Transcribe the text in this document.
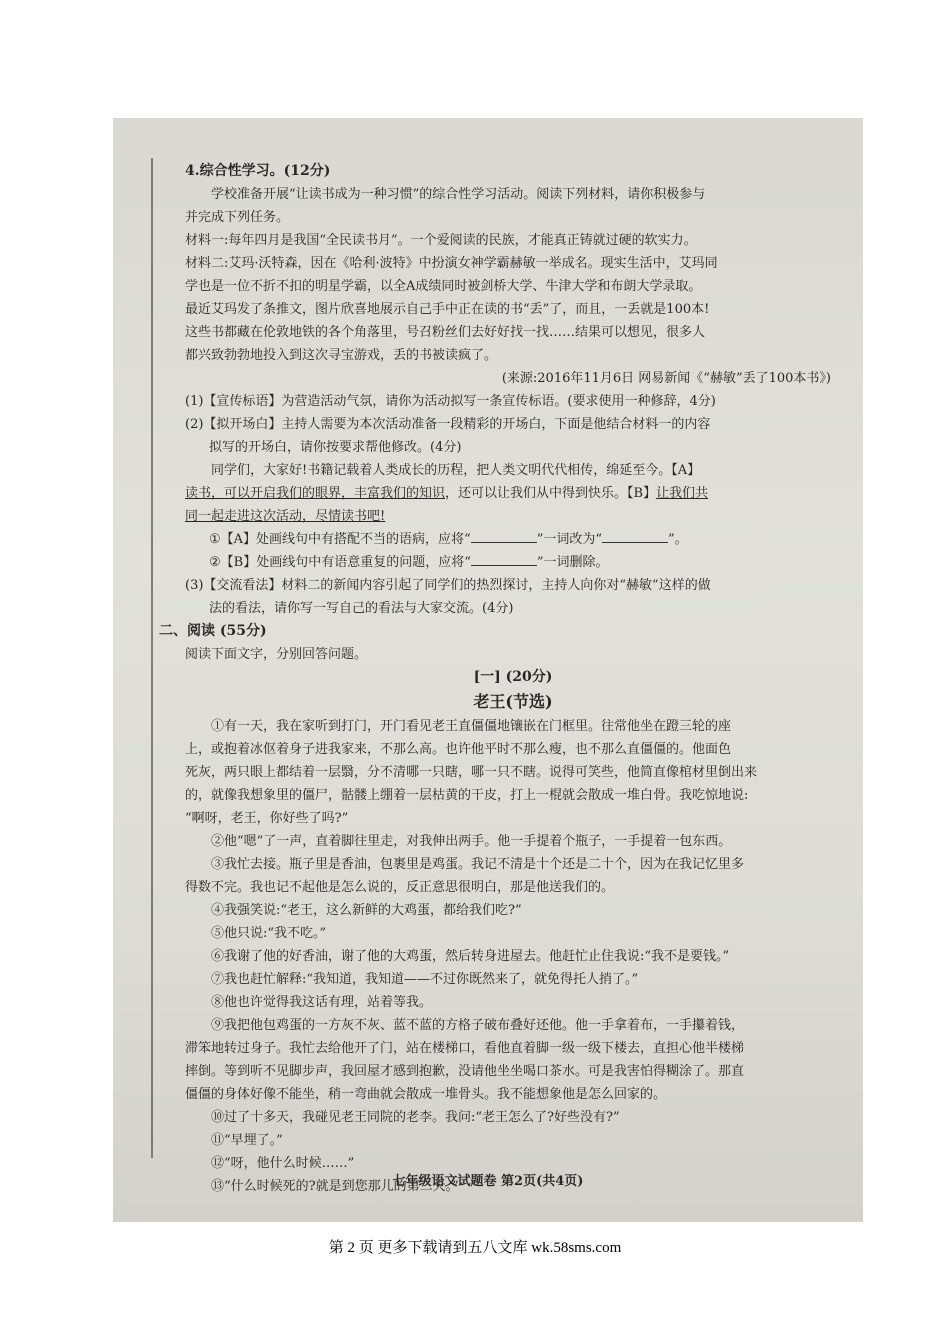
4.综合性学习。(12分)
学校准备开展“让读书成为一种习惯”的综合性学习活动。阅读下列材料，请你积极参与
并完成下列任务。
材料一:每年四月是我国“全民读书月”。一个爱阅读的民族，才能真正铸就过硬的软实力。
材料二:艾玛·沃特森，因在《哈利·波特》中扮演女神学霸赫敏一举成名。现实生活中，艾玛同
学也是一位不折不扣的明星学霸，以全A成绩同时被剑桥大学、牛津大学和布朗大学录取。
最近艾玛发了条推文，图片欣喜地展示自己手中正在读的书“丢”了，而且，一丢就是100本!
这些书都藏在伦敦地铁的各个角落里，号召粉丝们去好好找一找……结果可以想见，很多人
都兴致勃勃地投入到这次寻宝游戏，丢的书被读疯了。
(来源:2016年11月6日 网易新闻《“赫敏”丢了100本书》)
(1)【宣传标语】为营造活动气氛，请你为活动拟写一条宣传标语。(要求使用一种修辞，4分)
(2)【拟开场白】主持人需要为本次活动准备一段精彩的开场白，下面是他结合材料一的内容
拟写的开场白，请你按要求帮他修改。(4分)
同学们，大家好!书籍记载着人类成长的历程，把人类文明代代相传，绵延至今。【A】
读书，可以开启我们的眼界，丰富我们的知识，还可以让我们从中得到快乐。【B】让我们共
同一起走进这次活动，尽情读书吧!
①【A】处画线句中有搭配不当的语病，应将“	”一词改为“	”。
②【B】处画线句中有语意重复的问题，应将“	”一词删除。
(3)【交流看法】材料二的新闻内容引起了同学们的热烈探讨，主持人向你对“赫敏”这样的做
法的看法，请你写一写自己的看法与大家交流。(4分)
二、阅读 (55分)
阅读下面文字，分别回答问题。
[一] (20分)
老王(节选)
①有一天，我在家听到打门，开门看见老王直僵僵地镶嵌在门框里。往常他坐在蹬三轮的座
上，或抱着冰伛着身子进我家来，不那么高。也许他平时不那么瘦，也不那么直僵僵的。他面色
死灰，两只眼上都结着一层翳，分不清哪一只瞎，哪一只不瞎。说得可笑些，他简直像棺材里倒出来
的，就像我想象里的僵尸，骷髅上绷着一层枯黄的干皮，打上一棍就会散成一堆白骨。我吃惊地说:
“啊呀，老王，你好些了吗?”
②他“嗯”了一声，直着脚往里走，对我伸出两手。他一手提着个瓶子，一手提着一包东西。
③我忙去接。瓶子里是香油，包裹里是鸡蛋。我记不清是十个还是二十个，因为在我记忆里多
得数不完。我也记不起他是怎么说的，反正意思很明白，那是他送我们的。
④我强笑说:“老王，这么新鲜的大鸡蛋，都给我们吃?”
⑤他只说:“我不吃。”
⑥我谢了他的好香油，谢了他的大鸡蛋，然后转身进屋去。他赶忙止住我说:“我不是要钱。”
⑦我也赶忙解释:“我知道，我知道——不过你既然来了，就免得托人捎了。”
⑧他也许觉得我这话有理，站着等我。
⑨我把他包鸡蛋的一方灰不灰、蓝不蓝的方格子破布叠好还他。他一手拿着布，一手攥着钱，
滞笨地转过身子。我忙去给他开了门，站在楼梯口，看他直着脚一级一级下楼去，直担心他半楼梯
摔倒。等到听不见脚步声，我回屋才感到抱歉，没请他坐坐喝口茶水。可是我害怕得糊涂了。那直
僵僵的身体好像不能坐，稍一弯曲就会散成一堆骨头。我不能想象他是怎么回家的。
⑩过了十多天，我碰见老王同院的老李。我问:“老王怎么了?好些没有?”
⑪“早埋了。”
⑫“呀，他什么时候……”
⑬“什么时候死的?就是到您那儿的第二天。”
七年级语文试题卷 第2页(共4页)
第 2 页 更多下载请到五八文库 wk.58sms.com
